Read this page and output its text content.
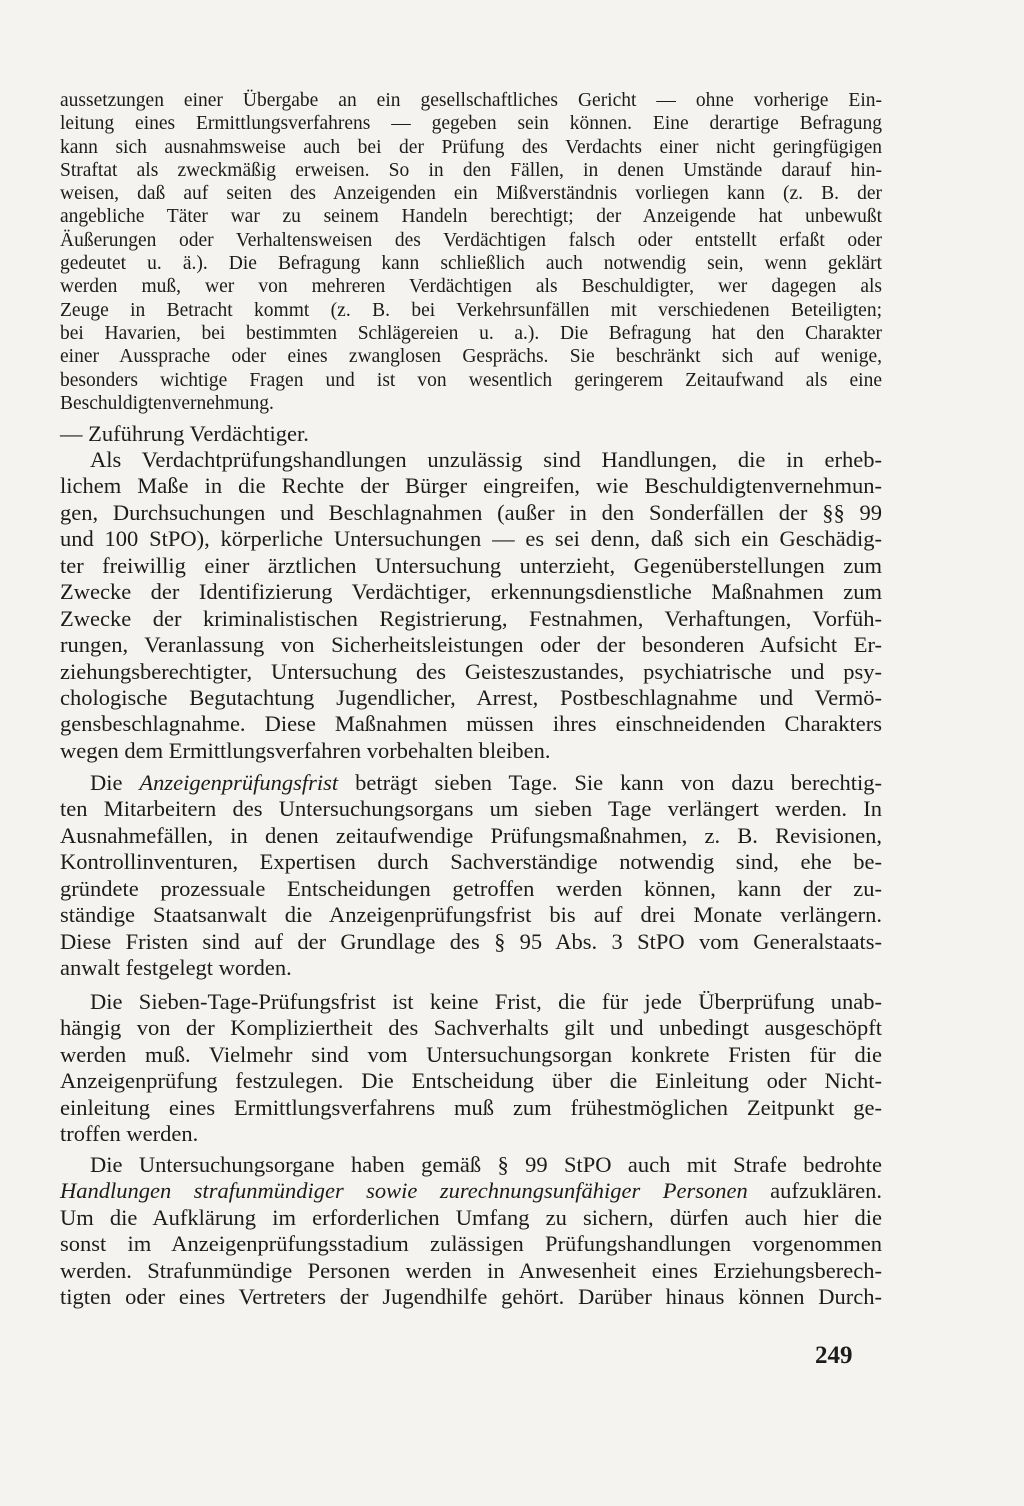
aussetzungen einer Übergabe an ein gesellschaftliches Gericht — ohne vorherige Ein-
leitung eines Ermittlungsverfahrens — gegeben sein können. Eine derartige Befragung
kann sich ausnahmsweise auch bei der Prüfung des Verdachts einer nicht geringfügigen
Straftat als zweckmäßig erweisen. So in den Fällen, in denen Umstände darauf hin-
weisen, daß auf seiten des Anzeigenden ein Mißverständnis vorliegen kann (z. B. der
angebliche Täter war zu seinem Handeln berechtigt; der Anzeigende hat unbewußt
Äußerungen oder Verhaltensweisen des Verdächtigen falsch oder entstellt erfaßt oder
gedeutet u. ä.). Die Befragung kann schließlich auch notwendig sein, wenn geklärt
werden muß, wer von mehreren Verdächtigen als Beschuldigter, wer dagegen als
Zeuge in Betracht kommt (z. B. bei Verkehrsunfällen mit verschiedenen Beteiligten;
bei Havarien, bei bestimmten Schlägereien u. a.). Die Befragung hat den Charakter
einer Aussprache oder eines zwanglosen Gesprächs. Sie beschränkt sich auf wenige,
besonders wichtige Fragen und ist von wesentlich geringerem Zeitaufwand als eine
Beschuldigtenvernehmung.
— Zuführung Verdächtiger.
Als Verdachtprüfungshandlungen unzulässig sind Handlungen, die in erheb-
lichem Maße in die Rechte der Bürger eingreifen, wie Beschuldigtenvernehmun-
gen, Durchsuchungen und Beschlagnahmen (außer in den Sonderfällen der §§ 99
und 100 StPO), körperliche Untersuchungen — es sei denn, daß sich ein Geschädig-
ter freiwillig einer ärztlichen Untersuchung unterzieht, Gegenüberstellungen zum
Zwecke der Identifizierung Verdächtiger, erkennungsdienstliche Maßnahmen zum
Zwecke der kriminalistischen Registrierung, Festnahmen, Verhaftungen, Vorfüh-
rungen, Veranlassung von Sicherheitsleistungen oder der besonderen Aufsicht Er-
ziehungsberechtigter, Untersuchung des Geisteszustandes, psychiatrische und psy-
chologische Begutachtung Jugendlicher, Arrest, Postbeschlagnahme und Vermö-
gensbeschlagnahme. Diese Maßnahmen müssen ihres einschneidenden Charakters
wegen dem Ermittlungsverfahren vorbehalten bleiben.
Die Anzeigenprüfungsfrist beträgt sieben Tage. Sie kann von dazu berechtig-
ten Mitarbeitern des Untersuchungsorgans um sieben Tage verlängert werden. In
Ausnahmefällen, in denen zeitaufwendige Prüfungsmaßnahmen, z. B. Revisionen,
Kontrollinventuren, Expertisen durch Sachverständige notwendig sind, ehe be-
gründete prozessuale Entscheidungen getroffen werden können, kann der zu-
ständige Staatsanwalt die Anzeigenprüfungsfrist bis auf drei Monate verlängern.
Diese Fristen sind auf der Grundlage des § 95 Abs. 3 StPO vom Generalstaats-
anwalt festgelegt worden.
Die Sieben-Tage-Prüfungsfrist ist keine Frist, die für jede Überprüfung unab-
hängig von der Kompliziertheit des Sachverhalts gilt und unbedingt ausgeschöpft
werden muß. Vielmehr sind vom Untersuchungsorgan konkrete Fristen für die
Anzeigenprüfung festzulegen. Die Entscheidung über die Einleitung oder Nicht-
einleitung eines Ermittlungsverfahrens muß zum frühestmöglichen Zeitpunkt ge-
troffen werden.
Die Untersuchungsorgane haben gemäß § 99 StPO auch mit Strafe bedrohte
Handlungen strafunmündiger sowie zurechnungsunfähiger Personen aufzuklären.
Um die Aufklärung im erforderlichen Umfang zu sichern, dürfen auch hier die
sonst im Anzeigenprüfungsstadium zulässigen Prüfungshandlungen vorgenommen
werden. Strafunmündige Personen werden in Anwesenheit eines Erziehungsberech-
tigten oder eines Vertreters der Jugendhilfe gehört. Darüber hinaus können Durch-
249
